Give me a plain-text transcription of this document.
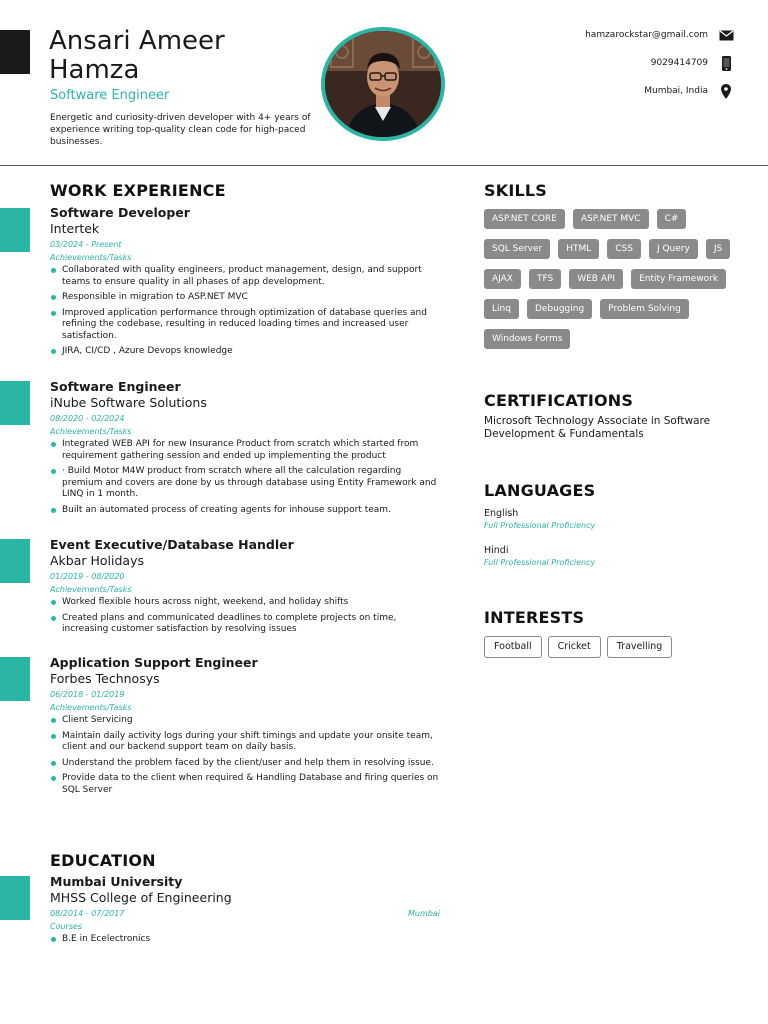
Ansari Ameer
Hamza
Software Engineer
Energetic and curiosity-driven developer with 4+ years of experience writing top-quality clean code for high-paced businesses.
hamzarockstar@gmail.com
9029414709
Mumbai, India
WORK EXPERIENCE
Software Developer
Intertek
03/2024 - Present
Achievements/Tasks
Collaborated with quality engineers, product management, design, and support teams to ensure quality in all phases of app development.
Responsible in migration to ASP.NET MVC
Improved application performance through optimization of database queries and refining the codebase, resulting in reduced loading times and increased user satisfaction.
JIRA, CI/CD , Azure Devops knowledge
Software Engineer
iNube Software Solutions
08/2020 - 02/2024
Achievements/Tasks
Integrated WEB API for new Insurance Product from scratch which started from requirement gathering session and ended up implementing the product
· Build Motor M4W product from scratch where all the calculation regarding premium and covers are done by us through database using Entity Framework and LINQ in 1 month.
Built an automated process of creating agents for inhouse support team.
Event Executive/Database Handler
Akbar Holidays
01/2019 - 08/2020
Achievements/Tasks
Worked flexible hours across night, weekend, and holiday shifts
Created plans and communicated deadlines to complete projects on time, increasing customer satisfaction by resolving issues
Application Support Engineer
Forbes Technosys
06/2018 - 01/2019
Achievements/Tasks
Client Servicing
Maintain daily activity logs during your shift timings and update your onsite team, client and our backend support team on daily basis.
Understand the problem faced by the client/user and help them in resolving issue.
Provide data to the client when required & Handling Database and firing queries on SQL Server
EDUCATION
Mumbai University
MHSS College of Engineering
08/2014 - 07/2017	Mumbai
Courses
B.E in Ecelectronics
SKILLS
ASP.NET CORE	ASP.NET MVC	C#
SQL Server	HTML	CSS	J Query	JS
AJAX	TFS	WEB API	Entity Framework
Linq	Debugging	Problem Solving
Windows Forms
CERTIFICATIONS
Microsoft Technology Associate in Software Development & Fundamentals
LANGUAGES
English
Full Professional Proficiency
Hindi
Full Professional Proficiency
INTERESTS
Football	Cricket	Travelling
